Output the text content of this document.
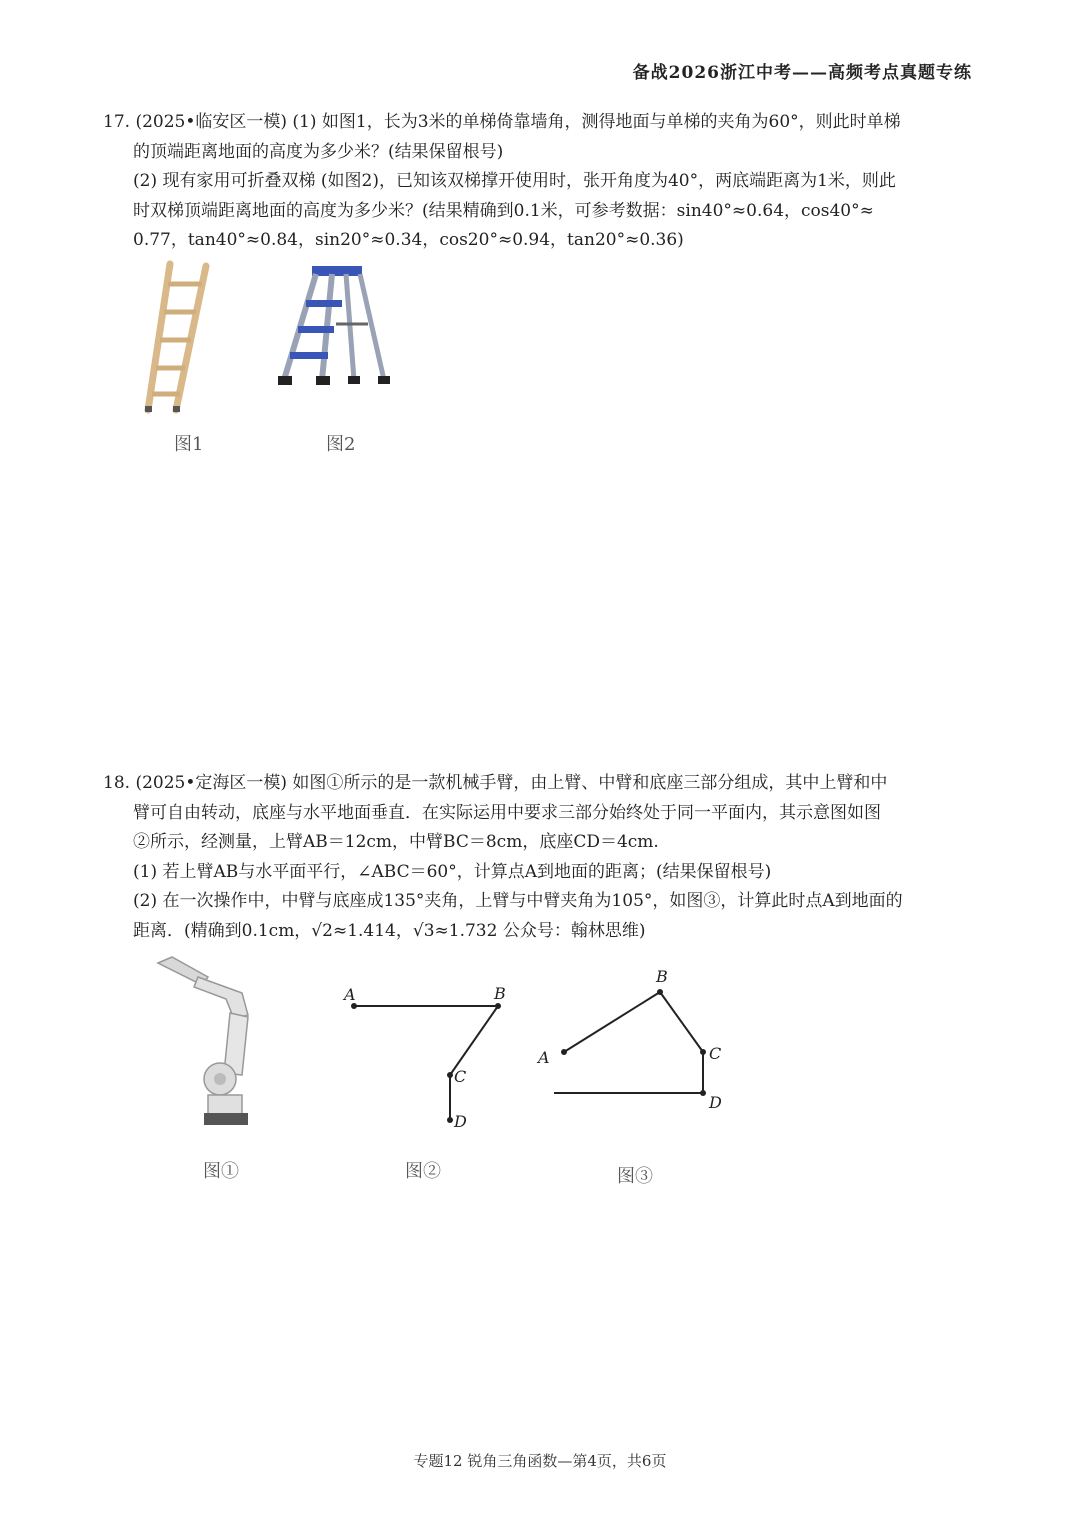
备战2026浙江中考——高频考点真题专练

17. (2025•临安区一模) (1) 如图1，长为3米的单梯倚靠墙角，测得地面与单梯的夹角为60°，则此时单梯

的顶端距离地面的高度为多少米？(结果保留根号)

(2) 现有家用可折叠双梯 (如图2)，已知该双梯撑开使用时，张开角度为40°，两底端距离为1米，则此

时双梯顶端距离地面的高度为多少米？(结果精确到0.1米，可参考数据：sin40°≈0.64，cos40°≈

0.77，tan40°≈0.84，sin20°≈0.34，cos20°≈0.94，tan20°≈0.36)

图1	图2

18. (2025•定海区一模) 如图①所示的是一款机械手臂，由上臂、中臂和底座三部分组成，其中上臂和中

臂可自由转动，底座与水平地面垂直．在实际运用中要求三部分始终处于同一平面内，其示意图如图

②所示，经测量，上臂AB＝12cm，中臂BC＝8cm，底座CD＝4cm.

(1) 若上臂AB与水平面平行，∠ABC＝60°，计算点A到地面的距离；(结果保留根号)

(2) 在一次操作中，中臂与底座成135°夹角，上臂与中臂夹角为105°，如图③，计算此时点A到地面的

距离．(精确到0.1cm，√2≈1.414，√3≈1.732 公众号：翰林思维)

图①
A	B
C
D
图②
A
B
C
D
图③
专题12 锐角三角函数—第4页，共6页
